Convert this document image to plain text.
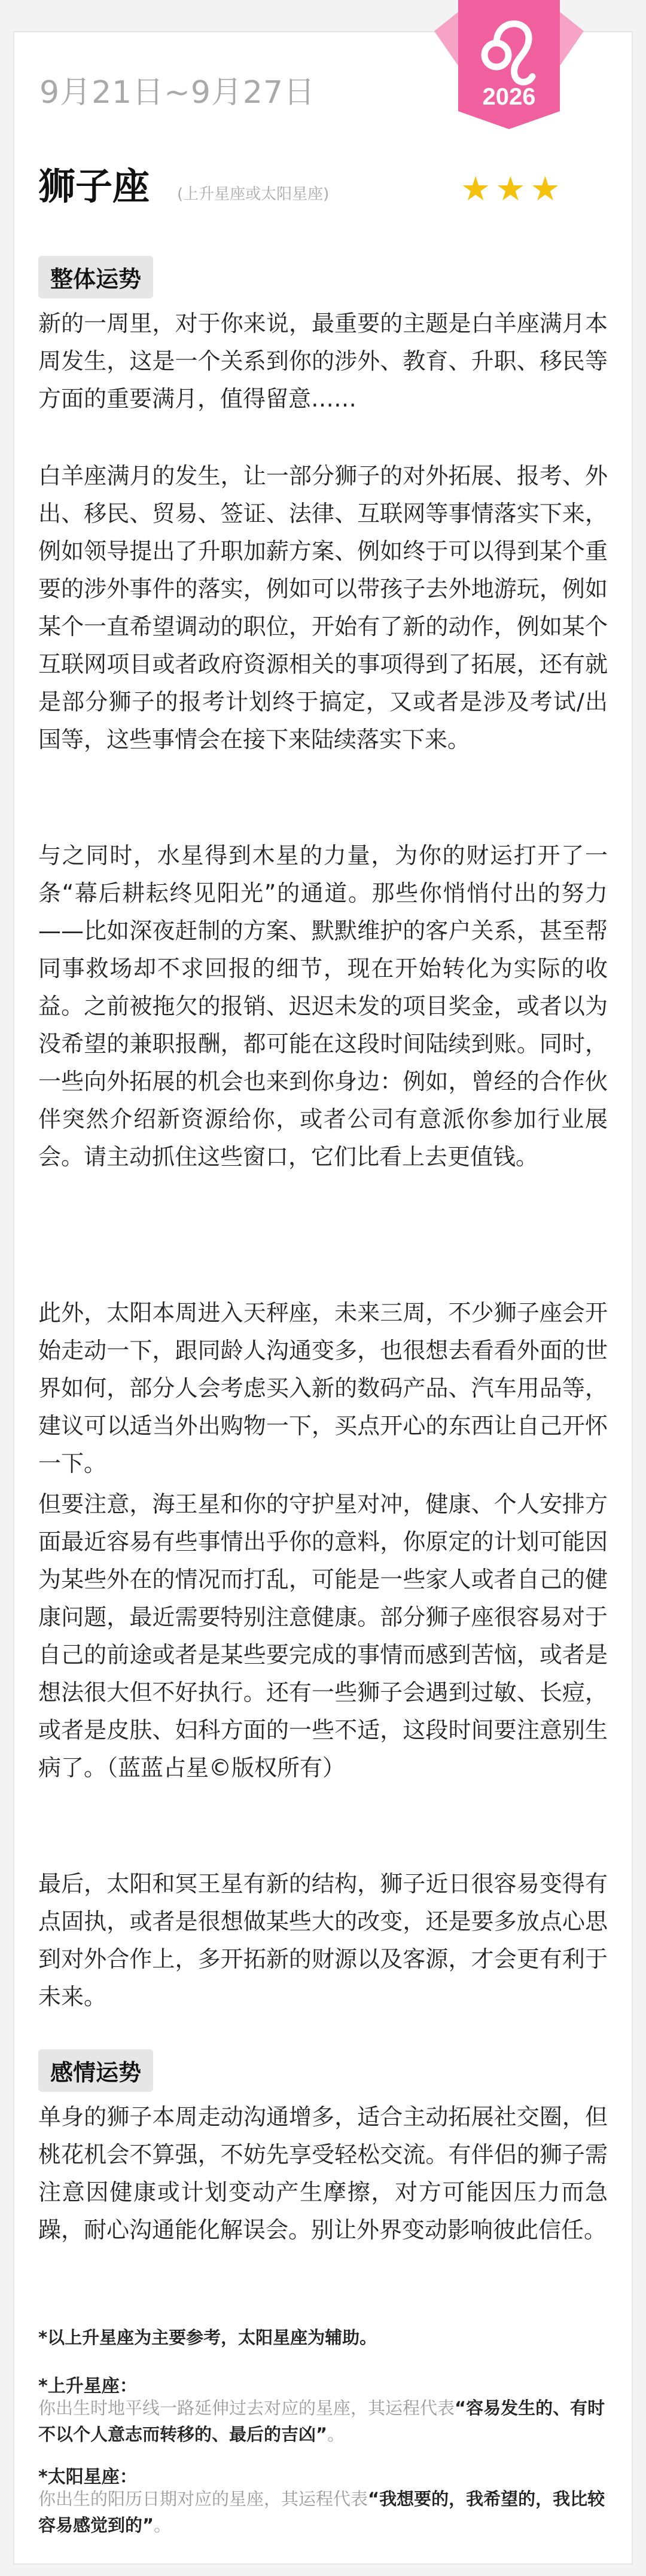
2026
9月21日~9月27日
狮子座 (上升星座或太阳星座)	★★★
整体运势
新的一周里，对于你来说，最重要的主题是白羊座满月本周发生，这是一个关系到你的涉外、教育、升职、移民等方面的重要满月，值得留意……
白羊座满月的发生，让一部分狮子的对外拓展、报考、外出、移民、贸易、签证、法律、互联网等事情落实下来，例如领导提出了升职加薪方案、例如终于可以得到某个重要的涉外事件的落实，例如可以带孩子去外地游玩，例如某个一直希望调动的职位，开始有了新的动作，例如某个互联网项目或者政府资源相关的事项得到了拓展，还有就是部分狮子的报考计划终于搞定，又或者是涉及考试/出国等，这些事情会在接下来陆续落实下来。
与之同时，水星得到木星的力量，为你的财运打开了一条“幕后耕耘终见阳光”的通道。那些你悄悄付出的努力——比如深夜赶制的方案、默默维护的客户关系，甚至帮同事救场却不求回报的细节，现在开始转化为实际的收益。之前被拖欠的报销、迟迟未发的项目奖金，或者以为没希望的兼职报酬，都可能在这段时间陆续到账。同时，一些向外拓展的机会也来到你身边：例如，曾经的合作伙伴突然介绍新资源给你，或者公司有意派你参加行业展会。请主动抓住这些窗口，它们比看上去更值钱。
此外，太阳本周进入天秤座，未来三周，不少狮子座会开始走动一下，跟同龄人沟通变多，也很想去看看外面的世界如何，部分人会考虑买入新的数码产品、汽车用品等，建议可以适当外出购物一下，买点开心的东西让自己开怀一下。
但要注意，海王星和你的守护星对冲，健康、个人安排方面最近容易有些事情出乎你的意料，你原定的计划可能因为某些外在的情况而打乱，可能是一些家人或者自己的健康问题，最近需要特别注意健康。部分狮子座很容易对于自己的前途或者是某些要完成的事情而感到苦恼，或者是想法很大但不好执行。还有一些狮子会遇到过敏、长痘，或者是皮肤、妇科方面的一些不适，这段时间要注意别生病了。（蓝蓝占星©版权所有）
最后，太阳和冥王星有新的结构，狮子近日很容易变得有点固执，或者是很想做某些大的改变，还是要多放点心思到对外合作上，多开拓新的财源以及客源，才会更有利于未来。
感情运势
单身的狮子本周走动沟通增多，适合主动拓展社交圈，但桃花机会不算强，不妨先享受轻松交流。有伴侣的狮子需注意因健康或计划变动产生摩擦，对方可能因压力而急躁，耐心沟通能化解误会。别让外界变动影响彼此信任。
*以上升星座为主要参考，太阳星座为辅助。
*上升星座：
你出生时地平线一路延伸过去对应的星座，其运程代表“容易发生的、有时不以个人意志而转移的、最后的吉凶”。
*太阳星座：
你出生的阳历日期对应的星座，其运程代表“我想要的，我希望的，我比较容易感觉到的”。
